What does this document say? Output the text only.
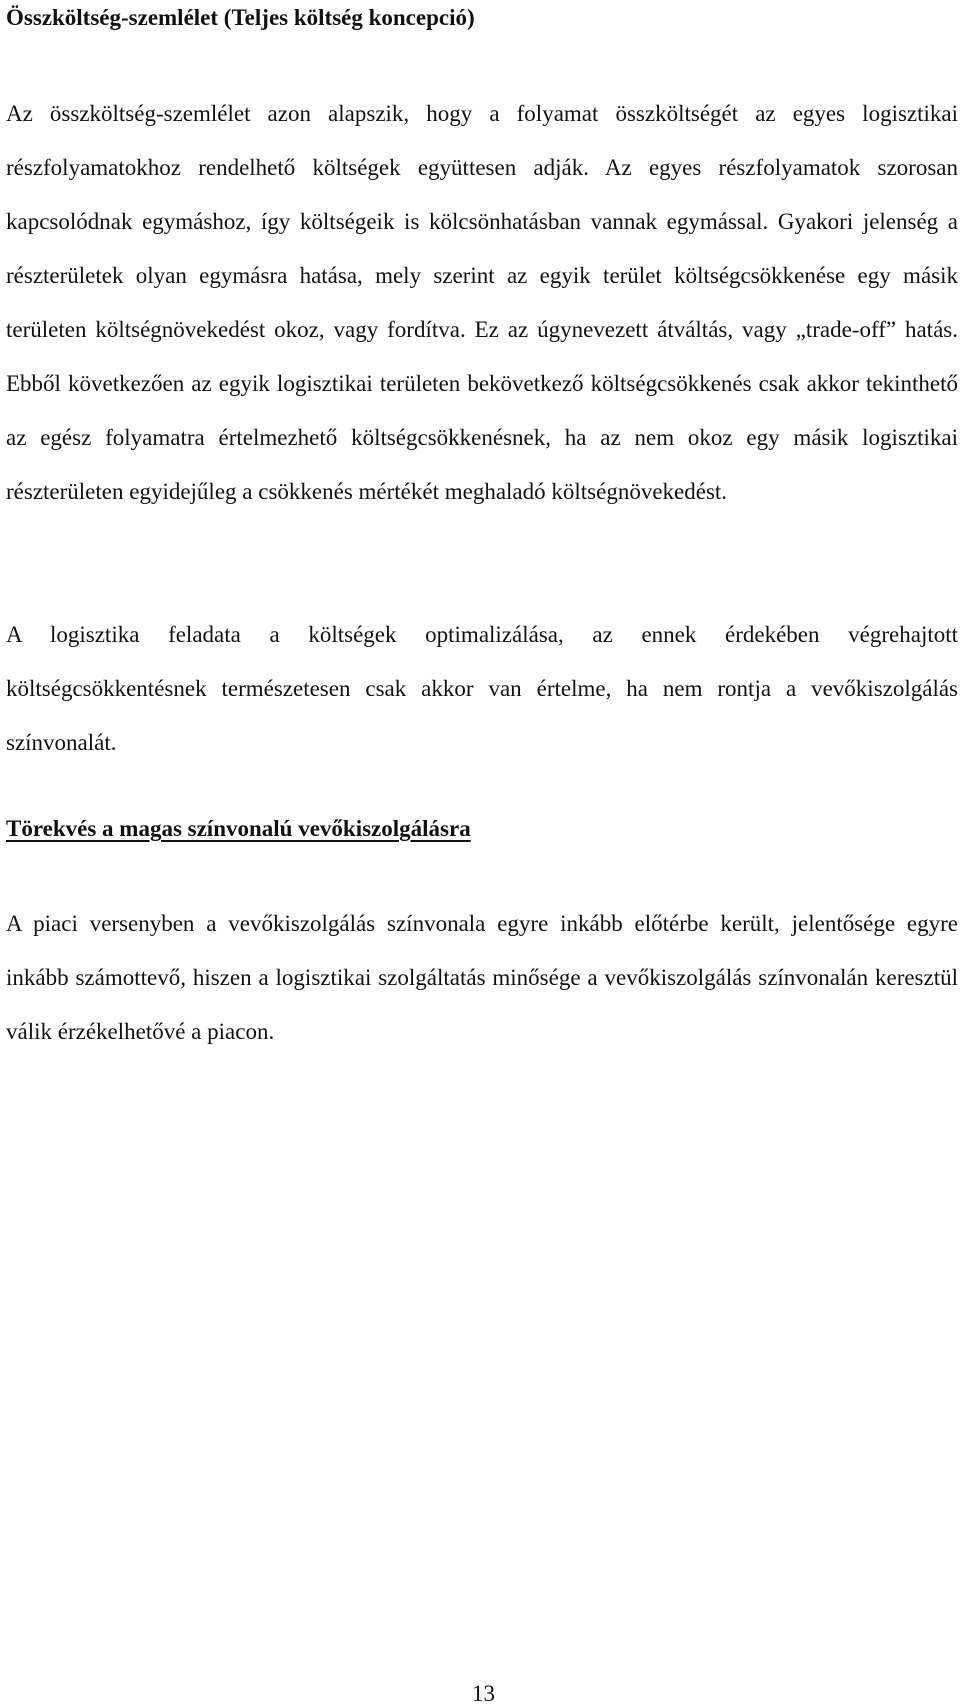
Összköltség-szemlélet (Teljes költség koncepció)

Az összköltség-szemlélet azon alapszik, hogy a folyamat összköltségét az egyes logisztikai részfolyamatokhoz rendelhető költségek együttesen adják. Az egyes részfolyamatok szorosan kapcsolódnak egymáshoz, így költségeik is kölcsönhatásban vannak egymással. Gyakori jelenség a részterületek olyan egymásra hatása, mely szerint az egyik terület költségcsökkenése egy másik területen költségnövekedést okoz, vagy fordítva. Ez az úgynevezett átváltás, vagy „trade-off” hatás. Ebből következően az egyik logisztikai területen bekövetkező költségcsökkenés csak akkor tekinthető az egész folyamatra értelmezhető költségcsökkenésnek, ha az nem okoz egy másik logisztikai részterületen egyidejűleg a csökkenés mértékét meghaladó költségnövekedést.

A logisztika feladata a költségek optimalizálása, az ennek érdekében végrehajtott költségcsökkentésnek természetesen csak akkor van értelme, ha nem rontja a vevőkiszolgálás színvonalát.

Törekvés a magas színvonalú vevőkiszolgálásra

A piaci versenyben a vevőkiszolgálás színvonala egyre inkább előtérbe került, jelentősége egyre inkább számottevő, hiszen a logisztikai szolgáltatás minősége a vevőkiszolgálás színvonalán keresztül válik érzékelhetővé a piacon.

13
